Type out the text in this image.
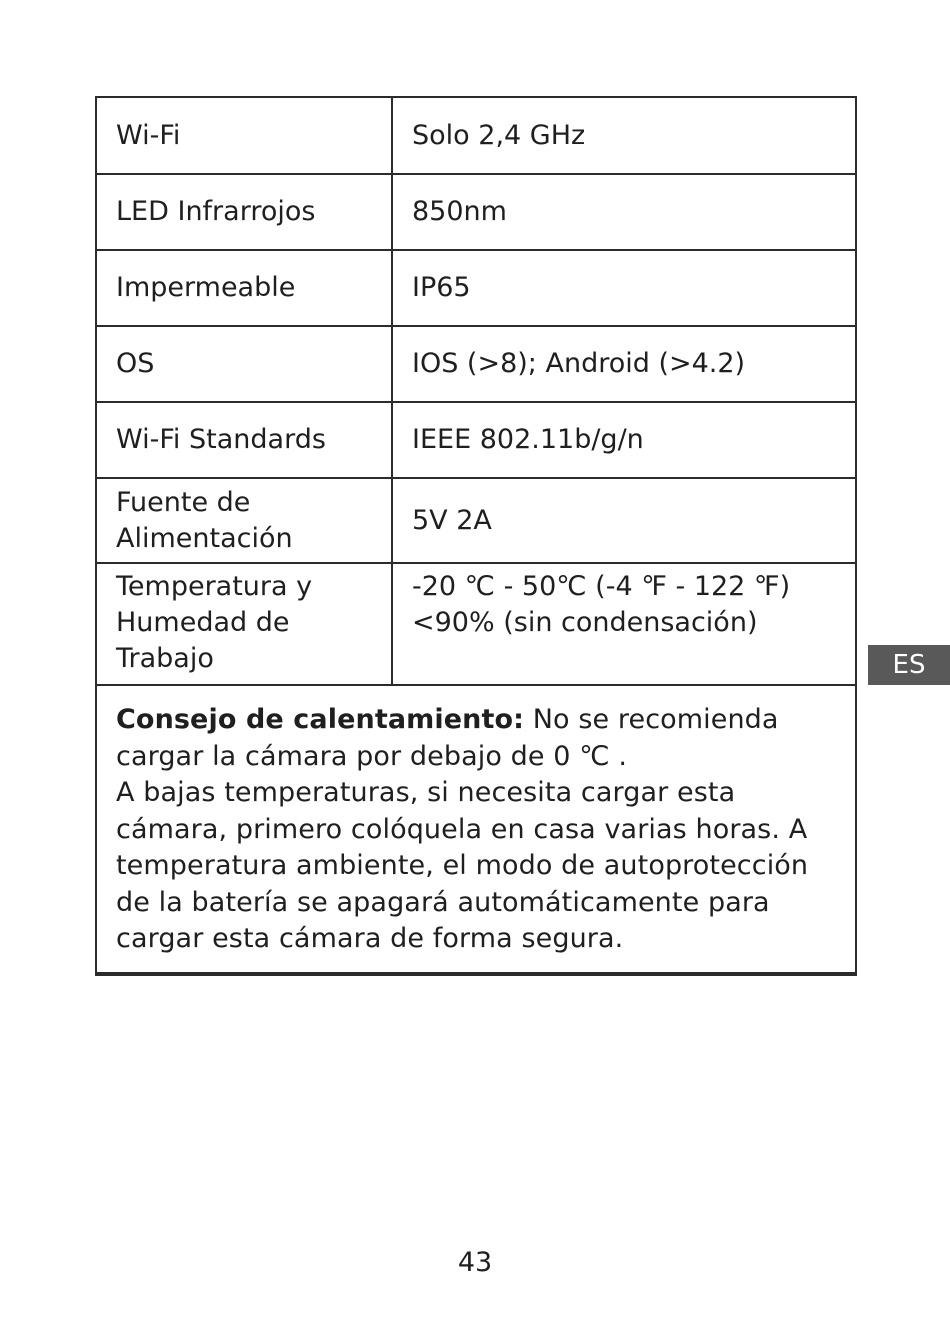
Wi-Fi	Solo 2,4 GHz
LED Infrarrojos	850nm
Impermeable	IP65
OS	IOS (>8); Android (>4.2)
Wi-Fi Standards	IEEE 802.11b/g/n
Fuente de
Alimentación	5V 2A
Temperatura y
Humedad de
Trabajo	-20 ℃ - 50℃ (-4 ℉ - 122 ℉)
<90% (sin condensación)
Consejo de calentamiento: No se recomienda cargar la cámara por debajo de 0 ℃ .
A bajas temperaturas, si necesita cargar esta cámara, primero colóquela en casa varias horas. A temperatura ambiente, el modo de autoprotección de la batería se apagará automáticamente para cargar esta cámara de forma segura.	
ES
43
